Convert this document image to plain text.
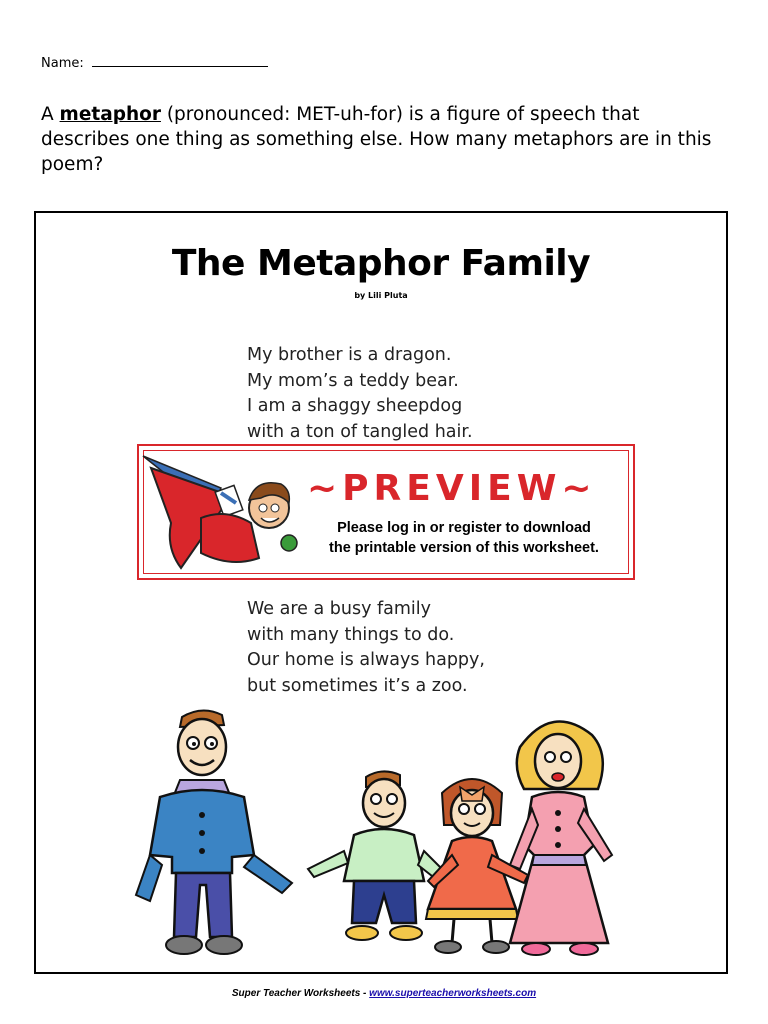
Name:
A metaphor (pronounced: MET-uh-for) is a figure of speech that describes one thing as something else. How many metaphors are in this poem?
The Metaphor Family
by Lili Pluta
My brother is a dragon.
My mom’s a teddy bear.
I am a shaggy sheepdog
with a ton of tangled hair.
~PREVIEW~
Please log in or register to download
the printable version of this worksheet.
We are a busy family
with many things to do.
Our home is always happy,
but sometimes it’s a zoo.
Super Teacher Worksheets - www.superteacherworksheets.com
